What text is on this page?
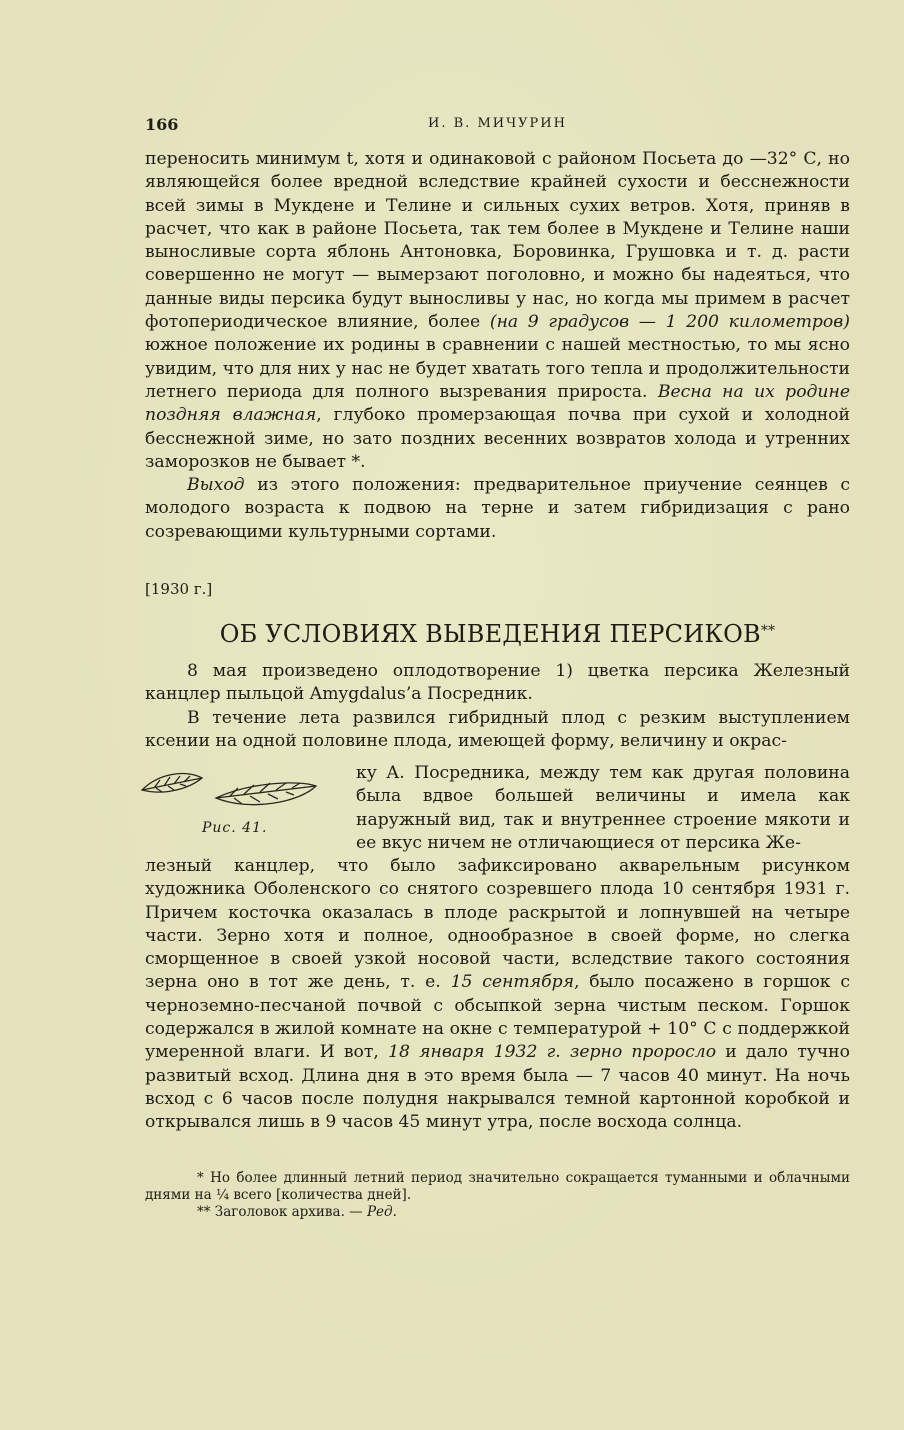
166	И. В. МИЧУРИН

переносить минимум t, хотя и одинаковой с районом Посьета до —32° С, но являющейся более вредной вследствие крайней сухости и бесснежности всей зимы в Мукдене и Телине и сильных сухих ветров. Хотя, приняв в расчет, что как в районе Посьета, так тем более в Мукдене и Телине наши выносливые сорта яблонь Антоновка, Боровинка, Грушовка и т. д. расти совершенно не могут — вымерзают поголовно, и можно бы надеяться, что данные виды персика будут выносливы у нас, но когда мы примем в расчет фотопериодическое влияние, более (на 9 градусов — 1 200 километров) южное положение их родины в сравнении с нашей местностью, то мы ясно увидим, что для них у нас не будет хватать того тепла и продолжительности летнего периода для полного вызревания прироста. Весна на их родине поздняя влажная, глубоко промерзающая почва при сухой и холодной бесснежной зиме, но зато поздних весенних возвратов холода и утренних заморозков не бывает *.

Выход из этого положения: предварительное приучение сеянцев с молодого возраста к подвою на терне и затем гибридизация с рано созревающими культурными сортами.

[1930 г.]
ОБ УСЛОВИЯХ ВЫВЕДЕНИЯ ПЕРСИКОВ**

8 мая произведено оплодотворение 1) цветка персика Железный канцлер пыльцой Amygdalus’а Посредник.

В течение лета развился гибридный плод с резким выступлением ксении на одной половине плода, имеющей форму, величину и окрас-

Рис. 41.
ку А. Посредника, между тем как другая половина была вдвое большей величины и имела как наружный вид, так и внутреннее строение мякоти и ее вкус ничем не отличающиеся от персика Же-

лезный канцлер, что было зафиксировано акварельным рисунком художника Оболенского со снятого созревшего плода 10 сентября 1931 г. Причем косточка оказалась в плоде раскрытой и лопнувшей на четыре части. Зерно хотя и полное, однообразное в своей форме, но слегка сморщенное в своей узкой носовой части, вследствие такого состояния зерна оно в тот же день, т. е. 15 сентября, было посажено в горшок с черноземно-песчаной почвой с обсыпкой зерна чистым песком. Горшок содержался в жилой комнате на окне с температурой + 10° С с поддержкой умеренной влаги. И вот, 18 января 1932 г. зерно проросло и дало тучно развитый всход. Длина дня в это время была — 7 часов 40 минут. На ночь всход с 6 часов после полудня накрывался темной картонной коробкой и открывался лишь в 9 часов 45 минут утра, после восхода солнца.

* Но более длинный летний период значительно сокращается туманными и облачными днями на ¼ всего [количества дней].

** Заголовок архива. — Ред.
